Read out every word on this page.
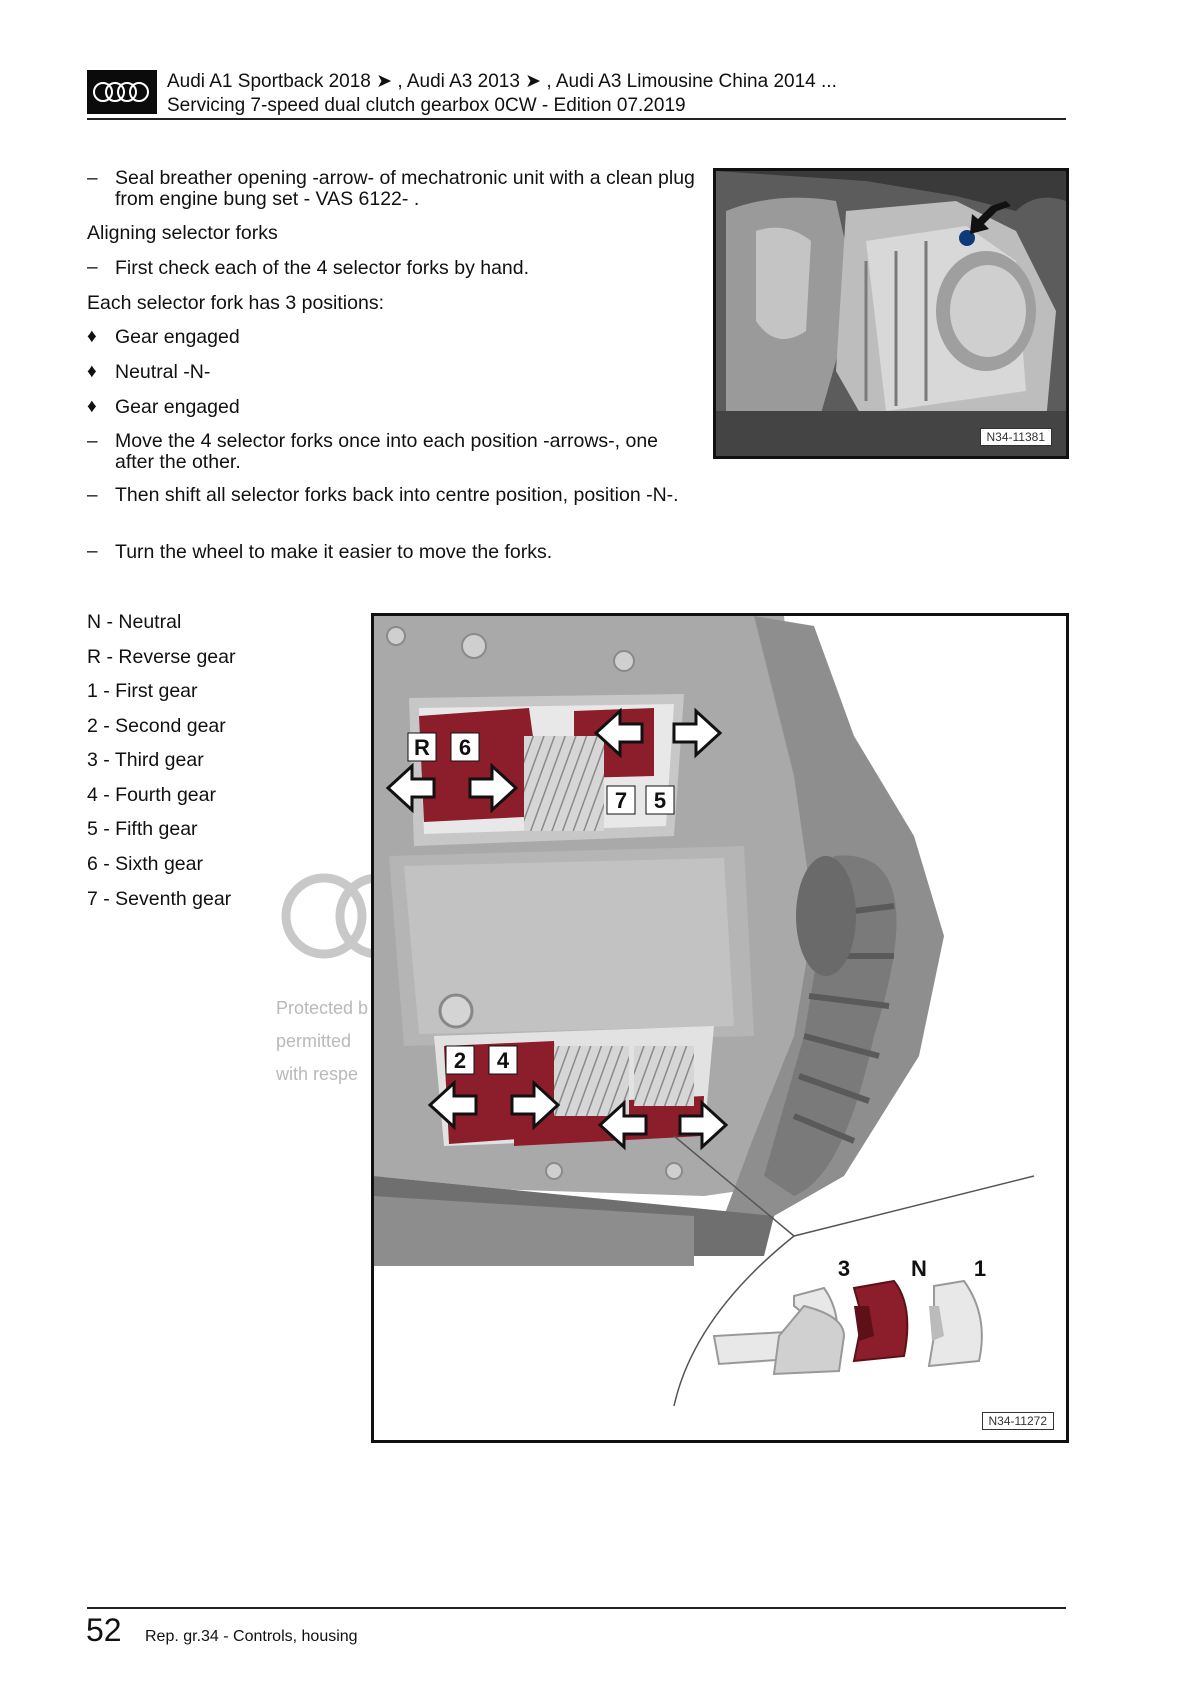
Audi A1 Sportback 2018 ➤ , Audi A3 2013 ➤ , Audi A3 Limousine China 2014 ...
Servicing 7-speed dual clutch gearbox 0CW - Edition 07.2019
– Seal breather opening -arrow- of mechatronic unit with a clean plug from engine bung set - VAS 6122- .
Aligning selector forks
– First check each of the 4 selector forks by hand.
Each selector fork has 3 positions:
♦ Gear engaged
♦ Neutral -N-
♦ Gear engaged
– Move the 4 selector forks once into each position -arrows-, one after the other.
– Then shift all selector forks back into centre position, position -N-.
– Turn the wheel to make it easier to move the forks.
N34-11381
N - Neutral
R - Reverse gear
1 - First gear
2 - Second gear
3 - Third gear
4 - Fourth gear
5 - Fifth gear
6 - Sixth gear
7 - Seventh gear
Protected b
permitted
with respe
R 6
7 5
2 4
3	N 1
N34-11272
52 Rep. gr.34 - Controls, housing
